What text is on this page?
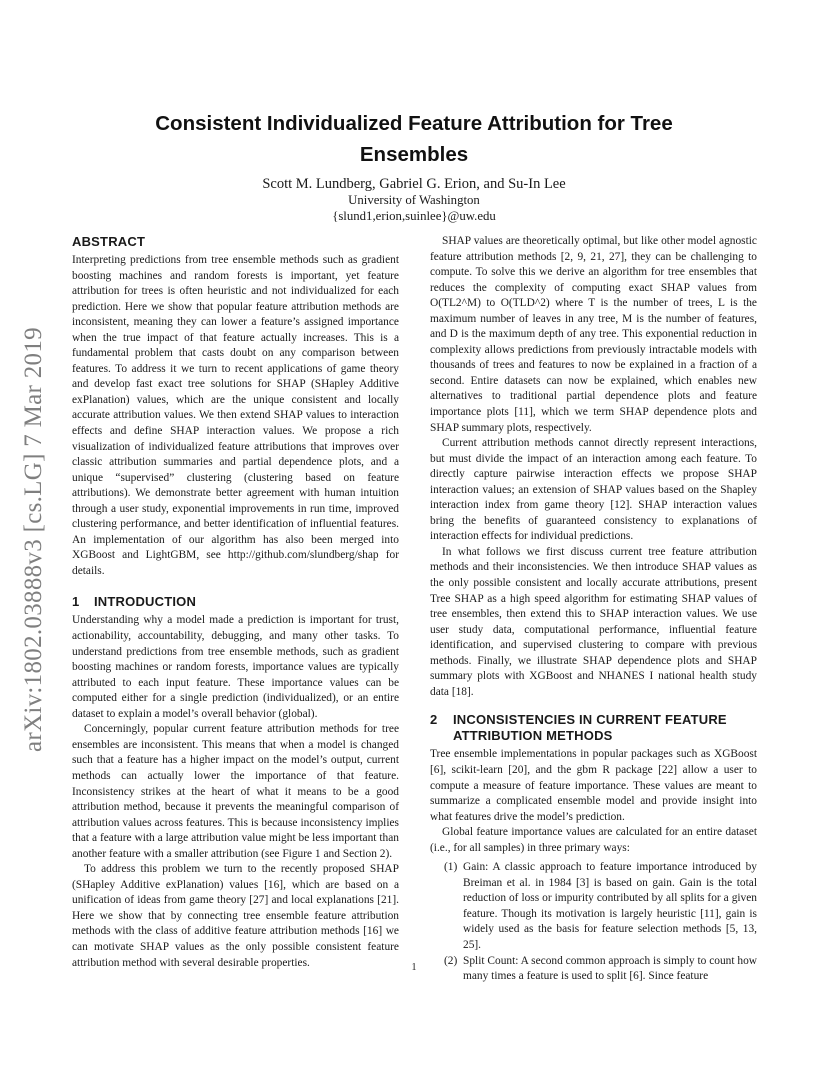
arXiv:1802.03888v3 [cs.LG] 7 Mar 2019
Consistent Individualized Feature Attribution for Tree Ensembles
Scott M. Lundberg, Gabriel G. Erion, and Su-In Lee
University of Washington
{slund1,erion,suinlee}@uw.edu
ABSTRACT

Interpreting predictions from tree ensemble methods such as gradient boosting machines and random forests is important, yet feature attribution for trees is often heuristic and not individualized for each prediction. Here we show that popular feature attribution methods are inconsistent, meaning they can lower a feature’s assigned importance when the true impact of that feature actually increases. This is a fundamental problem that casts doubt on any comparison between features. To address it we turn to recent applications of game theory and develop fast exact tree solutions for SHAP (SHapley Additive exPlanation) values, which are the unique consistent and locally accurate attribution values. We then extend SHAP values to interaction effects and define SHAP interaction values. We propose a rich visualization of individualized feature attributions that improves over classic attribution summaries and partial dependence plots, and a unique “supervised” clustering (clustering based on feature attributions). We demonstrate better agreement with human intuition through a user study, exponential improvements in run time, improved clustering performance, and better identification of influential features. An implementation of our algorithm has also been merged into XGBoost and LightGBM, see http://github.com/slundberg/shap for details.

1 INTRODUCTION

Understanding why a model made a prediction is important for trust, actionability, accountability, debugging, and many other tasks. To understand predictions from tree ensemble methods, such as gradient boosting machines or random forests, importance values are typically attributed to each input feature. These importance values can be computed either for a single prediction (individualized), or an entire dataset to explain a model’s overall behavior (global).

Concerningly, popular current feature attribution methods for tree ensembles are inconsistent. This means that when a model is changed such that a feature has a higher impact on the model’s output, current methods can actually lower the importance of that feature. Inconsistency strikes at the heart of what it means to be a good attribution method, because it prevents the meaningful comparison of attribution values across features. This is because inconsistency implies that a feature with a large attribution value might be less important than another feature with a smaller attribution (see Figure 1 and Section 2).

To address this problem we turn to the recently proposed SHAP (SHapley Additive exPlanation) values [16], which are based on a unification of ideas from game theory [27] and local explanations [21]. Here we show that by connecting tree ensemble feature attribution methods with the class of additive feature attribution methods [16] we can motivate SHAP values as the only possible consistent feature attribution method with several desirable properties.

SHAP values are theoretically optimal, but like other model agnostic feature attribution methods [2, 9, 21, 27], they can be challenging to compute. To solve this we derive an algorithm for tree ensembles that reduces the complexity of computing exact SHAP values from O(TL2^M) to O(TLD^2) where T is the number of trees, L is the maximum number of leaves in any tree, M is the number of features, and D is the maximum depth of any tree. This exponential reduction in complexity allows predictions from previously intractable models with thousands of trees and features to now be explained in a fraction of a second. Entire datasets can now be explained, which enables new alternatives to traditional partial dependence plots and feature importance plots [11], which we term SHAP dependence plots and SHAP summary plots, respectively.

Current attribution methods cannot directly represent interactions, but must divide the impact of an interaction among each feature. To directly capture pairwise interaction effects we propose SHAP interaction values; an extension of SHAP values based on the Shapley interaction index from game theory [12]. SHAP interaction values bring the benefits of guaranteed consistency to explanations of interaction effects for individual predictions.

In what follows we first discuss current tree feature attribution methods and their inconsistencies. We then introduce SHAP values as the only possible consistent and locally accurate attributions, present Tree SHAP as a high speed algorithm for estimating SHAP values of tree ensembles, then extend this to SHAP interaction values. We use user study data, computational performance, influential feature identification, and supervised clustering to compare with previous methods. Finally, we illustrate SHAP dependence plots and SHAP summary plots with XGBoost and NHANES I national health study data [18].

2 INCONSISTENCIES IN CURRENT FEATURE ATTRIBUTION METHODS

Tree ensemble implementations in popular packages such as XGBoost [6], scikit-learn [20], and the gbm R package [22] allow a user to compute a measure of feature importance. These values are meant to summarize a complicated ensemble model and provide insight into what features drive the model’s prediction.

Global feature importance values are calculated for an entire dataset (i.e., for all samples) in three primary ways:

(1) Gain: A classic approach to feature importance introduced by Breiman et al. in 1984 [3] is based on gain. Gain is the total reduction of loss or impurity contributed by all splits for a given feature. Though its motivation is largely heuristic [11], gain is widely used as the basis for feature selection methods [5, 13, 25].
(2) Split Count: A second common approach is simply to count how many times a feature is used to split [6]. Since feature
1
